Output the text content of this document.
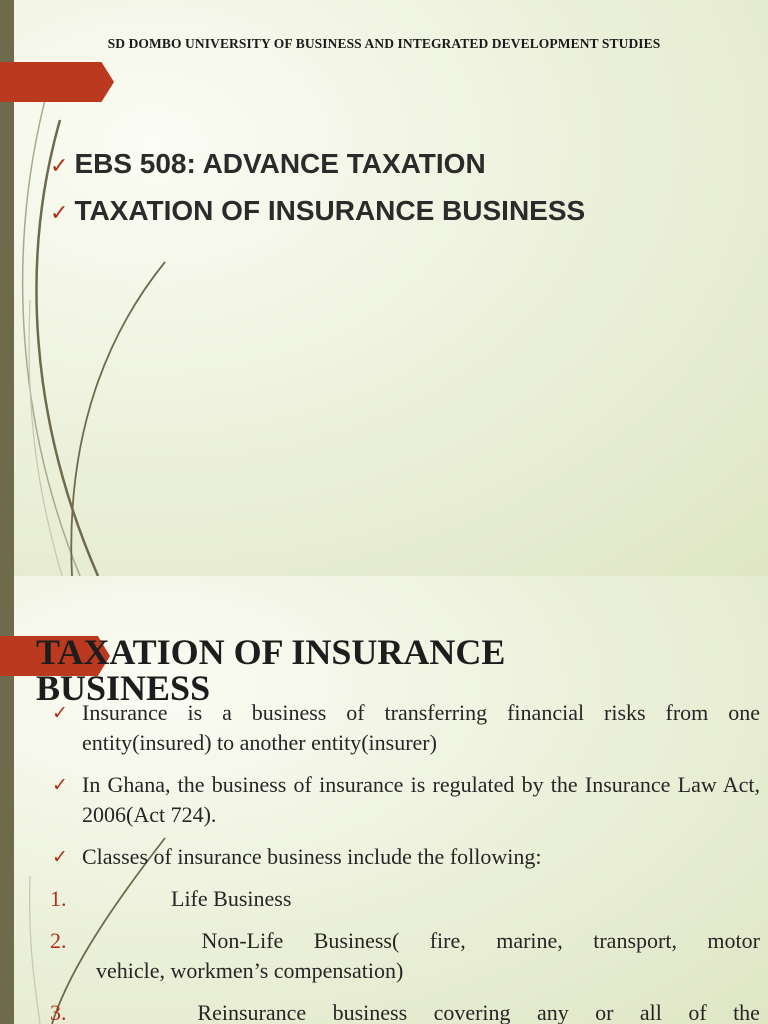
SD DOMBO UNIVERSITY OF BUSINESS AND INTEGRATED DEVELOPMENT STUDIES
✓ EBS 508: ADVANCE TAXATION
✓ TAXATION OF INSURANCE BUSINESS
TAXATION OF INSURANCE BUSINESS
✓ Insurance is a business of transferring financial risks from one entity(insured) to another entity(insurer)
✓ In Ghana, the business of insurance is regulated by the Insurance Law Act, 2006(Act 724).
✓ Classes of insurance business include the following:
1.	Life Business
2.	Non-Life Business( fire, marine, transport, motor
vehicle, workmen’s compensation)
3.	Reinsurance business covering any or all of the
